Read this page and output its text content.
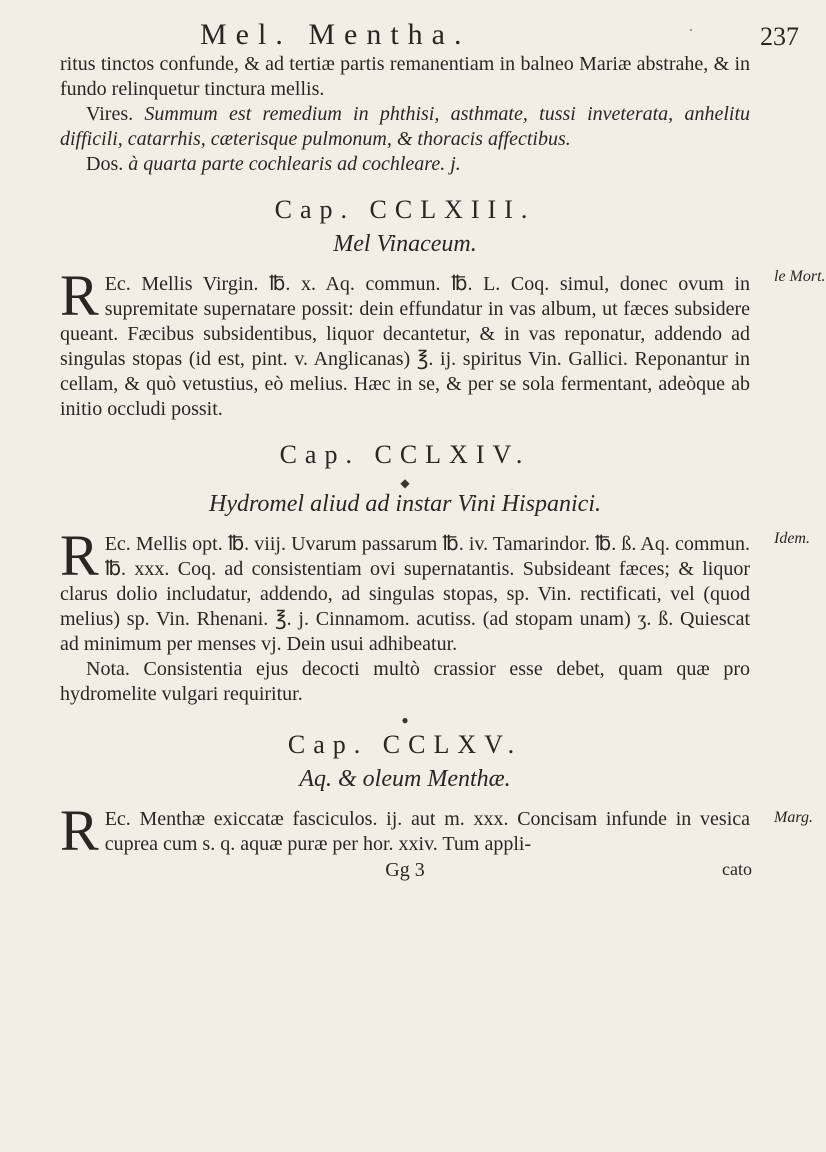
Mel. Mentha.	·	237

ritus tinctos confunde, & ad tertiæ partis remanentiam in balneo Mariæ abstrahe, & in fundo relinquetur tinctura mellis.

Vires. Summum est remedium in phthisi, asthmate, tussi inveterata, anhelitu difficili, catarrhis, cæterisque pulmonum, & thoracis affectibus.

Dos. à quarta parte cochlearis ad cochleare. j.

Cap. CCLXIII.
Mel Vinaceum.
le Mort.

R Ec. Mellis Virgin. ℔. x. Aq. commun. ℔. L. Coq. simul, donec ovum in supremitate supernatare possit: dein effundatur in vas album, ut fæces subsidere queant. Fæcibus subsidentibus, liquor decantetur, & in vas reponatur, addendo ad singulas stopas (id est, pint. v. Anglicanas) ℥. ij. spiritus Vin. Gallici. Reponantur in cellam, & quò vetustius, eò melius. Hæc in se, & per se sola fermentant, adeòque ab initio occludi possit.

Cap. CCLXIV.
◆
Hydromel aliud ad instar Vini Hispanici.
Idem.

R Ec. Mellis opt. ℔. viij. Uvarum passarum ℔. iv. Tamarindor. ℔. ß. Aq. commun. ℔. xxx. Coq. ad consistentiam ovi supernatantis. Subsideant fæces; & liquor clarus dolio includatur, addendo, ad singulas stopas, sp. Vin. rectificati, vel (quod melius) sp. Vin. Rhenani. ℥. j. Cinnamom. acutiss. (ad stopam unam) ʒ. ß. Quiescat ad minimum per menses vj. Dein usui adhibeatur.

Nota. Consistentia ejus decocti multò crassior esse debet, quam quæ pro hydromelite vulgari requiritur.

●
Cap. CCLXV.
Aq. & oleum Menthæ.
Marg.

R Ec. Menthæ exiccatæ fasciculos. ij. aut m. xxx. Concisam infunde in vesica cuprea cum s. q. aquæ puræ per hor. xxiv. Tum appli-

Gg 3	cato
